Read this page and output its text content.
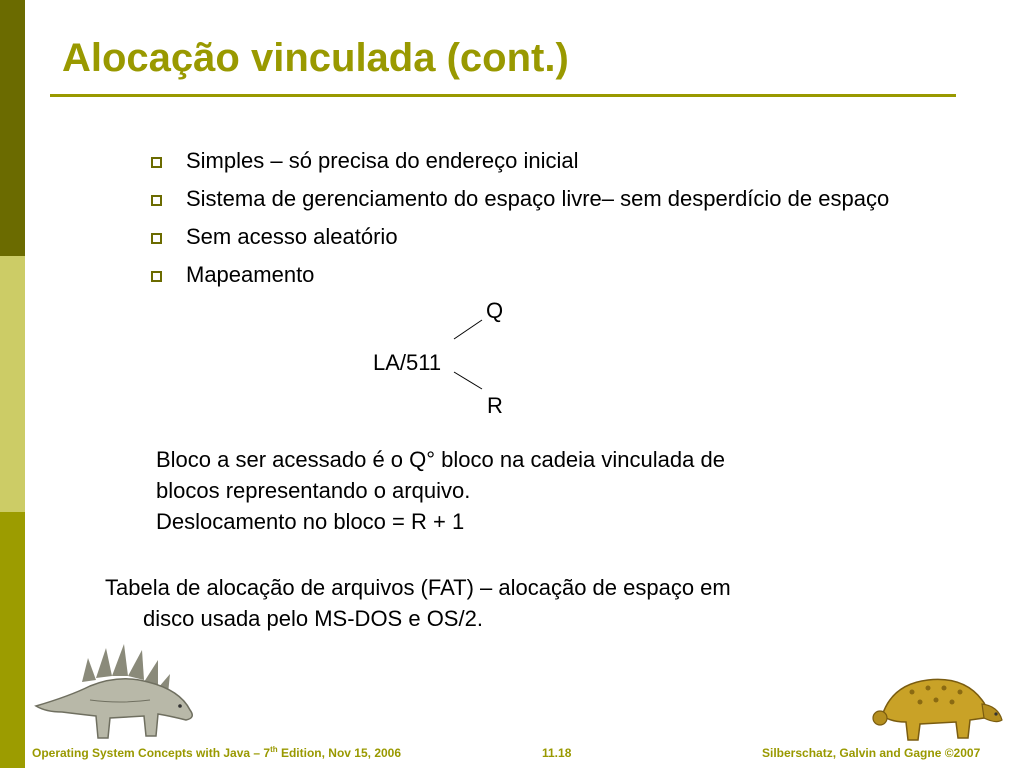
Alocação vinculada (cont.)
Simples – só precisa do endereço inicial
Sistema de gerenciamento do espaço livre– sem desperdício de espaço
Sem acesso aleatório
Mapeamento
Q
LA/511
R
Bloco a ser acessado é o Q° bloco na cadeia vinculada de
blocos representando o arquivo.
Deslocamento no bloco = R + 1
Tabela de alocação de arquivos (FAT) – alocação de espaço em
disco usada pelo MS-DOS e OS/2.
Operating System Concepts with Java – 7th Edition, Nov 15, 2006	11.18	Silberschatz, Galvin and Gagne ©2007
